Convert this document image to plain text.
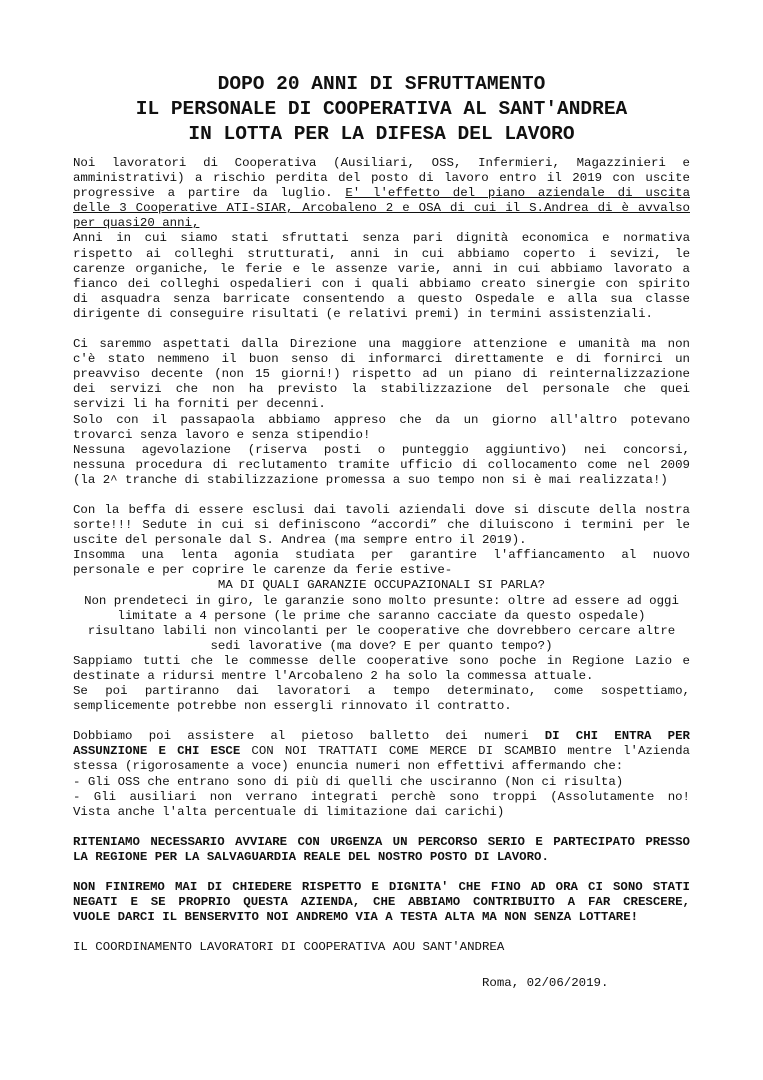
DOPO 20 ANNI DI SFRUTTAMENTO
IL PERSONALE DI COOPERATIVA AL SANT'ANDREA
IN LOTTA PER LA DIFESA DEL LAVORO
Noi lavoratori di Cooperativa (Ausiliari, OSS, Infermieri, Magazzinieri e
amministrativi) a rischio perdita del posto di lavoro entro il 2019 con uscite
progressive a partire da luglio. E' l'effetto del piano aziendale di uscita
delle 3 Cooperative ATI-SIAR, Arcobaleno 2 e OSA di cui il S.Andrea di è avvalso
per quasi20 anni,
Anni in cui siamo stati sfruttati senza pari dignità economica e normativa
rispetto ai colleghi strutturati, anni in cui abbiamo coperto i sevizi, le
carenze organiche, le ferie e le assenze varie, anni in cui abbiamo lavorato a
fianco dei colleghi ospedalieri con i quali abbiamo creato sinergie con spirito
di asquadra senza barricate consentendo a questo Ospedale e alla sua classe
dirigente di conseguire risultati (e relativi premi) in termini assistenziali.
Ci saremmo aspettati dalla Direzione una maggiore attenzione e umanità ma non
c'è stato nemmeno il buon senso di informarci direttamente e di fornirci un
preavviso decente (non 15 giorni!) rispetto ad un piano di reinternalizzazione
dei servizi che non ha previsto la stabilizzazione del personale che quei
servizi li ha forniti per decenni.
Solo con il passapaola abbiamo appreso che da un giorno all'altro potevano
trovarci senza lavoro e senza stipendio!
Nessuna agevolazione (riserva posti o punteggio aggiuntivo) nei concorsi,
nessuna procedura di reclutamento tramite ufficio di collocamento come nel 2009
(la 2^ tranche di stabilizzazione promessa a suo tempo non si è mai realizzata!)
Con la beffa di essere esclusi dai tavoli aziendali dove si discute della nostra
sorte!!! Sedute in cui si definiscono “accordi” che diluiscono i termini per le
uscite del personale dal S. Andrea (ma sempre entro il 2019).
Insomma una lenta agonia studiata per garantire l'affiancamento al nuovo
personale e per coprire le carenze da ferie estive-
MA DI QUALI GARANZIE OCCUPAZIONALI SI PARLA?
Non prendeteci in giro, le garanzie sono molto presunte: oltre ad essere ad oggi
limitate a 4 persone (le prime che saranno cacciate da questo ospedale)
risultano labili non vincolanti per le cooperative che dovrebbero cercare altre
sedi lavorative (ma dove? E per quanto tempo?)
Sappiamo tutti che le commesse delle cooperative sono poche in Regione Lazio e
destinate a ridursi mentre l'Arcobaleno 2 ha solo la commessa attuale.
Se poi partiranno dai lavoratori a tempo determinato, come sospettiamo,
semplicemente potrebbe non essergli rinnovato il contratto.
Dobbiamo poi assistere al pietoso balletto dei numeri DI CHI ENTRA PER
ASSUNZIONE E CHI ESCE CON NOI TRATTATI COME MERCE DI SCAMBIO mentre l'Azienda
stessa (rigorosamente a voce) enuncia numeri non effettivi affermando che:
- Gli OSS che entrano sono di più di quelli che usciranno (Non ci risulta)
- Gli ausiliari non verrano integrati perchè sono troppi (Assolutamente no!
Vista anche l'alta percentuale di limitazione dai carichi)
RITENIAMO NECESSARIO AVVIARE CON URGENZA UN PERCORSO SERIO E PARTECIPATO PRESSO
LA REGIONE PER LA SALVAGUARDIA REALE DEL NOSTRO POSTO DI LAVORO.
NON FINIREMO MAI DI CHIEDERE RISPETTO E DIGNITA' CHE FINO AD ORA CI SONO STATI
NEGATI E SE PROPRIO QUESTA AZIENDA, CHE ABBIAMO CONTRIBUITO A FAR CRESCERE,
VUOLE DARCI IL BENSERVITO NOI ANDREMO VIA A TESTA ALTA MA NON SENZA LOTTARE!
IL COORDINAMENTO LAVORATORI DI COOPERATIVA AOU SANT'ANDREA
Roma, 02/06/2019.
